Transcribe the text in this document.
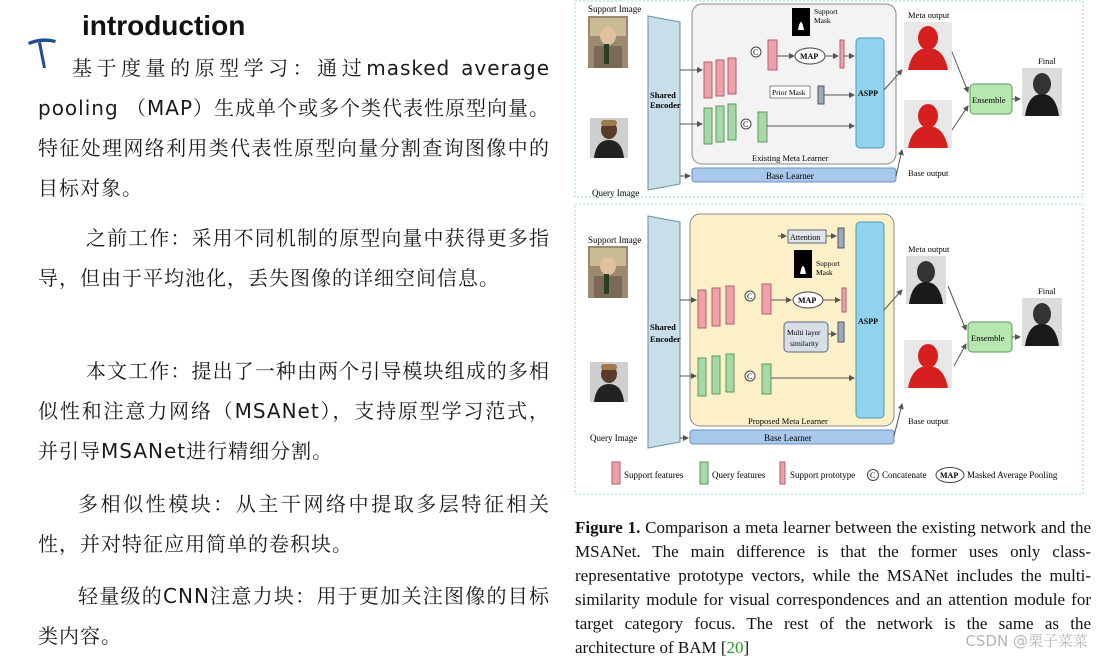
introduction
基于度量的原型学习：通过masked average pooling （MAP）生成单个或多个类代表性原型向量。特征处理网络利用类代表性原型向量分割查询图像中的目标对象。
之前工作：采用不同机制的原型向量中获得更多指导，但由于平均池化，丢失图像的详细空间信息。
本文工作：提出了一种由两个引导模块组成的多相似性和注意力网络（MSANet），支持原型学习范式，并引导MSANet进行精细分割。
多相似性模块：从主干网络中提取多层特征相关性，并对特征应用简单的卷积块。
轻量级的CNN注意力块：用于更加关注图像的目标类内容。
Support Image
Query Image
Shared
Encoder
Existing Meta Learner
Base Learner
C
C
Support
Mask
MAP
Prior Mask	ASPP
Meta output
Base output
Ensemble
Final
Support Image
Query Image
Shared
Encoder
Proposed Meta Learner
Base Learner
C
C
Attention
Support
Mask
MAP
Multi layer
similarity
ASPP
Meta output
Base output
Ensemble
Final
Support features	Query features	Support prototype C Concatenate MAP Masked Average Pooling
Figure 1. Comparison a meta learner between the existing network and the MSANet. The main difference is that the former uses only class-representative prototype vectors, while the MSANet includes the multi-similarity module for visual correspondences and an attention module for target category focus. The rest of the network is the same as the architecture of BAM [20]	CSDN @栗子菜菜
